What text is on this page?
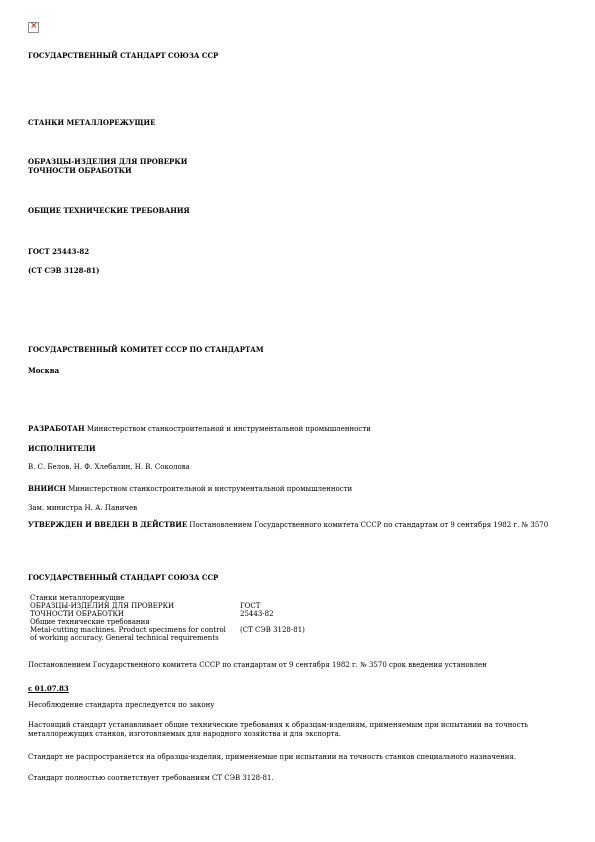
×
ГОСУДАРСТВЕННЫЙ СТАНДАРТ СОЮЗА ССР
СТАНКИ МЕТАЛЛОРЕЖУЩИЕ
ОБРАЗЦЫ-ИЗДЕЛИЯ ДЛЯ ПРОВЕРКИ
ТОЧНОСТИ ОБРАБОТКИ
ОБЩИЕ ТЕХНИЧЕСКИЕ ТРЕБОВАНИЯ
ГОСТ 25443-82
(СТ СЭВ 3128-81)
ГОСУДАРСТВЕННЫЙ КОМИТЕТ СССР ПО СТАНДАРТАМ
Москва
РАЗРАБОТАН Министерством станкостроительной и инструментальной промышленности
ИСПОЛНИТЕЛИ
В. С. Белов, Н. Ф. Хлебалин, Н. В. Соколова
ВНИИСН Министерством станкостроительной и инструментальной промышленности
Зам. министра Н. А. Паничев
УТВЕРЖДЕН И ВВЕДЕН В ДЕЙСТВИЕ Постановлением Государственного комитета СССР по стандартам от 9 сентября 1982 г. № 3570
ГОСУДАРСТВЕННЫЙ СТАНДАРТ СОЮЗА ССР
Станки металлорежущие
ОБРАЗЦЫ-ИЗДЕЛИЯ ДЛЯ ПРОВЕРКИ	ГОСТ
ТОЧНОСТИ ОБРАБОТКИ	25443-82
Общие технические требования
Metal-cutting machines. Product specimens for control (СТ СЭВ 3128-81)
of working accuracy. General technical requirements
Постановлением Государственного комитета СССР по стандартам от 9 сентября 1982 г. № 3570 срок введения установлен
с 01.07.83
Несоблюдение стандарта преследуется по закону
Настоящий стандарт устанавливает общие технические требования к образцам-изделиям, применяемым при испытании на точность металлорежущих станков, изготовляемых для народного хозяйства и для экспорта.
Стандарт не распространяется на образцы-изделия, применяемые при испытании на точность станков специального назначения.
Стандарт полностью соответствует требованиям СТ СЭВ 3128-81.
